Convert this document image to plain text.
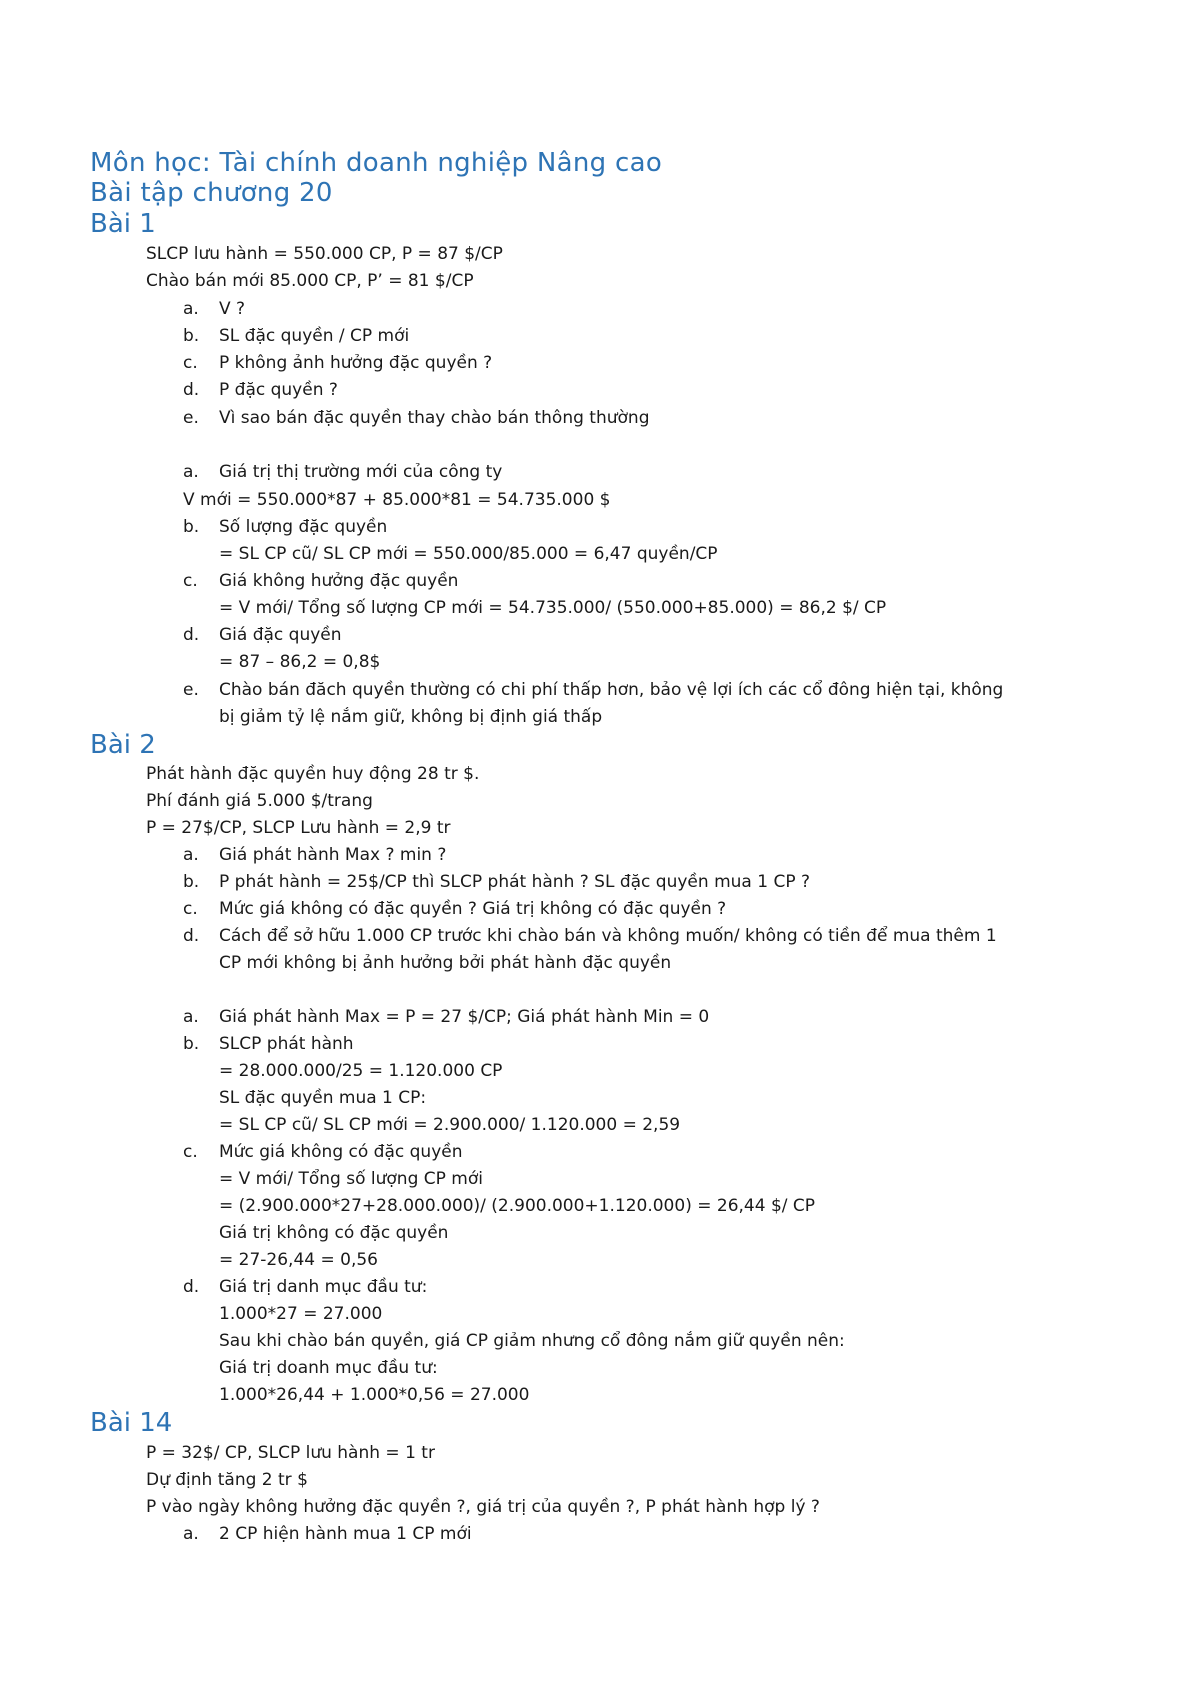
Môn học: Tài chính doanh nghiệp Nâng cao
Bài tập chương 20
Bài 1
SLCP lưu hành = 550.000 CP, P = 87 $/CP
Chào bán mới 85.000 CP, P’ = 81 $/CP
a. V ?
b. SL đặc quyền / CP mới
c. P không ảnh hưởng đặc quyền ?
d. P đặc quyền ?
e. Vì sao bán đặc quyền thay chào bán thông thường
a. Giá trị thị trường mới của công ty
V mới = 550.000*87 + 85.000*81 = 54.735.000 $
b. Số lượng đặc quyền
= SL CP cũ/ SL CP mới = 550.000/85.000 = 6,47 quyền/CP
c. Giá không hưởng đặc quyền
= V mới/ Tổng số lượng CP mới = 54.735.000/ (550.000+85.000) = 86,2 $/ CP
d. Giá đặc quyền
= 87 – 86,2 = 0,8$
e. Chào bán đăch quyền thường có chi phí thấp hơn, bảo vệ lợi ích các cổ đông hiện tại, không
bị giảm tỷ lệ nắm giữ, không bị định giá thấp
Bài 2
Phát hành đặc quyền huy động 28 tr $.
Phí đánh giá 5.000 $/trang
P = 27$/CP, SLCP Lưu hành = 2,9 tr
a. Giá phát hành Max ? min ?
b. P phát hành = 25$/CP thì SLCP phát hành ? SL đặc quyền mua 1 CP ?
c. Mức giá không có đặc quyền ? Giá trị không có đặc quyền ?
d. Cách để sở hữu 1.000 CP trước khi chào bán và không muốn/ không có tiền để mua thêm 1
CP mới không bị ảnh hưởng bởi phát hành đặc quyền
a. Giá phát hành Max = P = 27 $/CP; Giá phát hành Min = 0
b. SLCP phát hành
= 28.000.000/25 = 1.120.000 CP
SL đặc quyền mua 1 CP:
= SL CP cũ/ SL CP mới = 2.900.000/ 1.120.000 = 2,59
c. Mức giá không có đặc quyền
= V mới/ Tổng số lượng CP mới
= (2.900.000*27+28.000.000)/ (2.900.000+1.120.000) = 26,44 $/ CP
Giá trị không có đặc quyền
= 27-26,44 = 0,56
d. Giá trị danh mục đầu tư:
1.000*27 = 27.000
Sau khi chào bán quyền, giá CP giảm nhưng cổ đông nắm giữ quyền nên:
Giá trị doanh mục đầu tư:
1.000*26,44 + 1.000*0,56 = 27.000
Bài 14
P = 32$/ CP, SLCP lưu hành = 1 tr
Dự định tăng 2 tr $
P vào ngày không hưởng đặc quyền ?, giá trị của quyền ?, P phát hành hợp lý ?
a. 2 CP hiện hành mua 1 CP mới
